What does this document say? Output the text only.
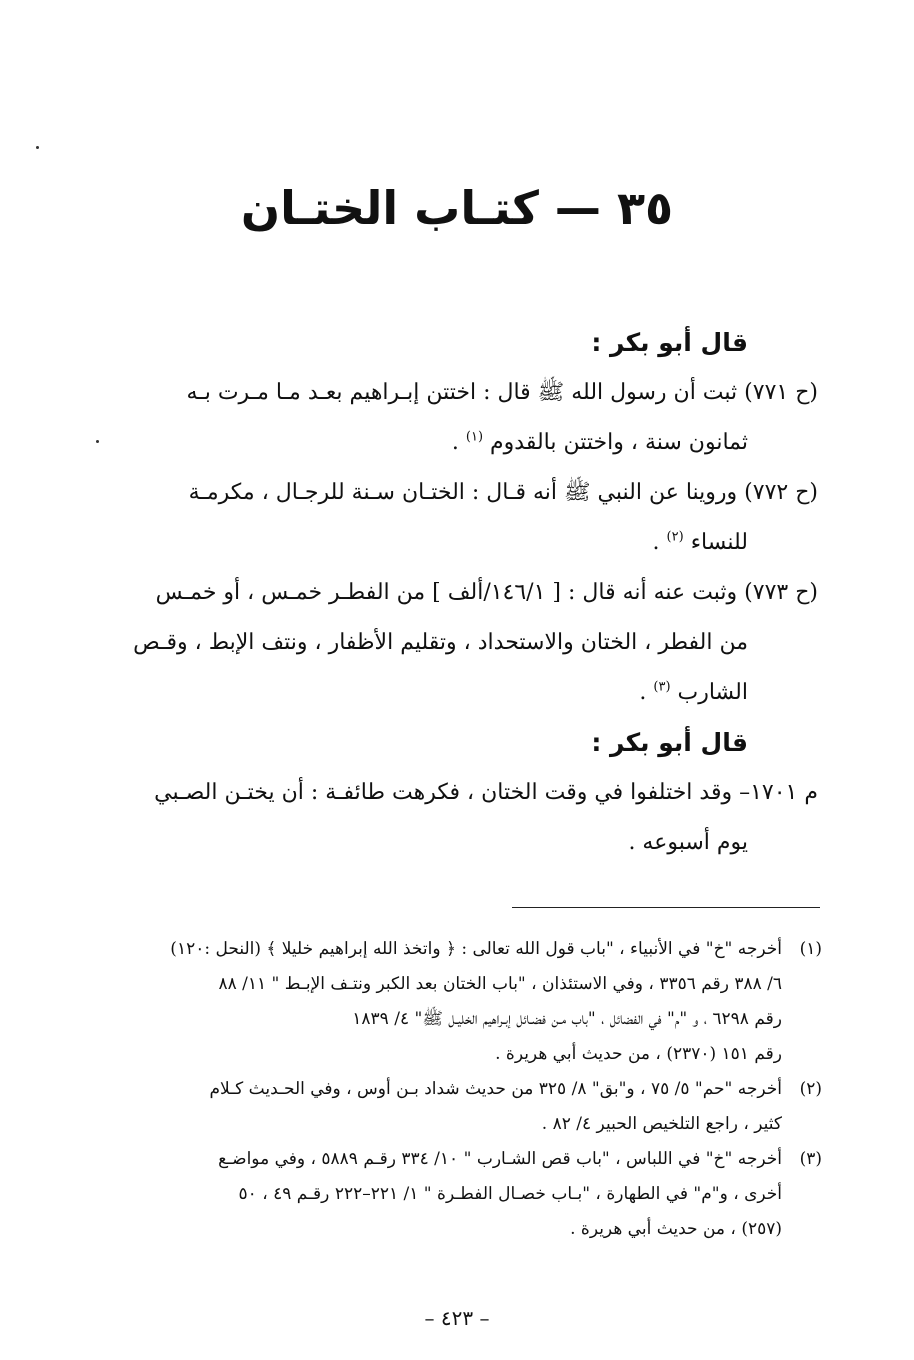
٣٥ — كتـاب الختـان
قال أبو بكر :

(ح ٧٧١) ثبت أن رسول الله ﷺ قال : اختتن إبـراهيم بعـد مـا مـرت بـه
ثمانون سنة ، واختتن بالقدوم $^{(١)}$ .

(ح ٧٧٢) وروينا عن النبي ﷺ أنه قـال : الختـان سـنة للرجـال ، مكرمـة
للنساء $^{(٢)}$ .

(ح ٧٧٣) وثبت عنه أنه قال : [ ١٤٦/١/ألف ] من الفطـر خمـس ، أو خمـس
من الفطر ، الختان والاستحداد ، وتقليم الأظفار ، ونتف الإبط ، وقـص
الشارب $^{(٣)}$ .

قال أبو بكر :

م ١٧٠١– وقد اختلفوا في وقت الختان ، فكرهت طائفـة : أن يختـن الصـبي
يوم أسبوعه .

(١)
أخرجه "خ" في الأنبياء ، "باب قول الله تعالى : ﴿ واتخذ الله إبراهيم خليلا ﴾ (النحل :١٢٠)
٦/ ٣٨٨ رقم ٣٣٥٦ ، وفي الاستئذان ، "باب الختان بعد الكبر ونتـف الإبـط " ١١/ ٨٨
رقم ٦٢٩٨ ، و "م" في الفضائل ، "باب مـن فضـائل إبـراهيم الخليـل ﷺ" ٤/ ١٨٣٩
رقم ١٥١ (٢٣٧٠) ، من حديث أبي هريرة .
(٢)
أخرجه "حم" ٥/ ٧٥ ، و"بق" ٨/ ٣٢٥ من حديث شداد بـن أوس ، وفي الحـديث كـلام
كثير ، راجع التلخيص الحبير ٤/ ٨٢ .
(٣)
أخرجه "خ" في اللباس ، "باب قص الشـارب " ١٠/ ٣٣٤ رقـم ٥٨٨٩ ، وفي مواضـع
أخرى ، و"م" في الطهارة ، "بـاب خصـال الفطـرة " ١/ ٢٢١–٢٢٢ رقـم ٤٩ ، ٥٠
(٢٥٧) ، من حديث أبي هريرة .
– ٤٢٣ –
